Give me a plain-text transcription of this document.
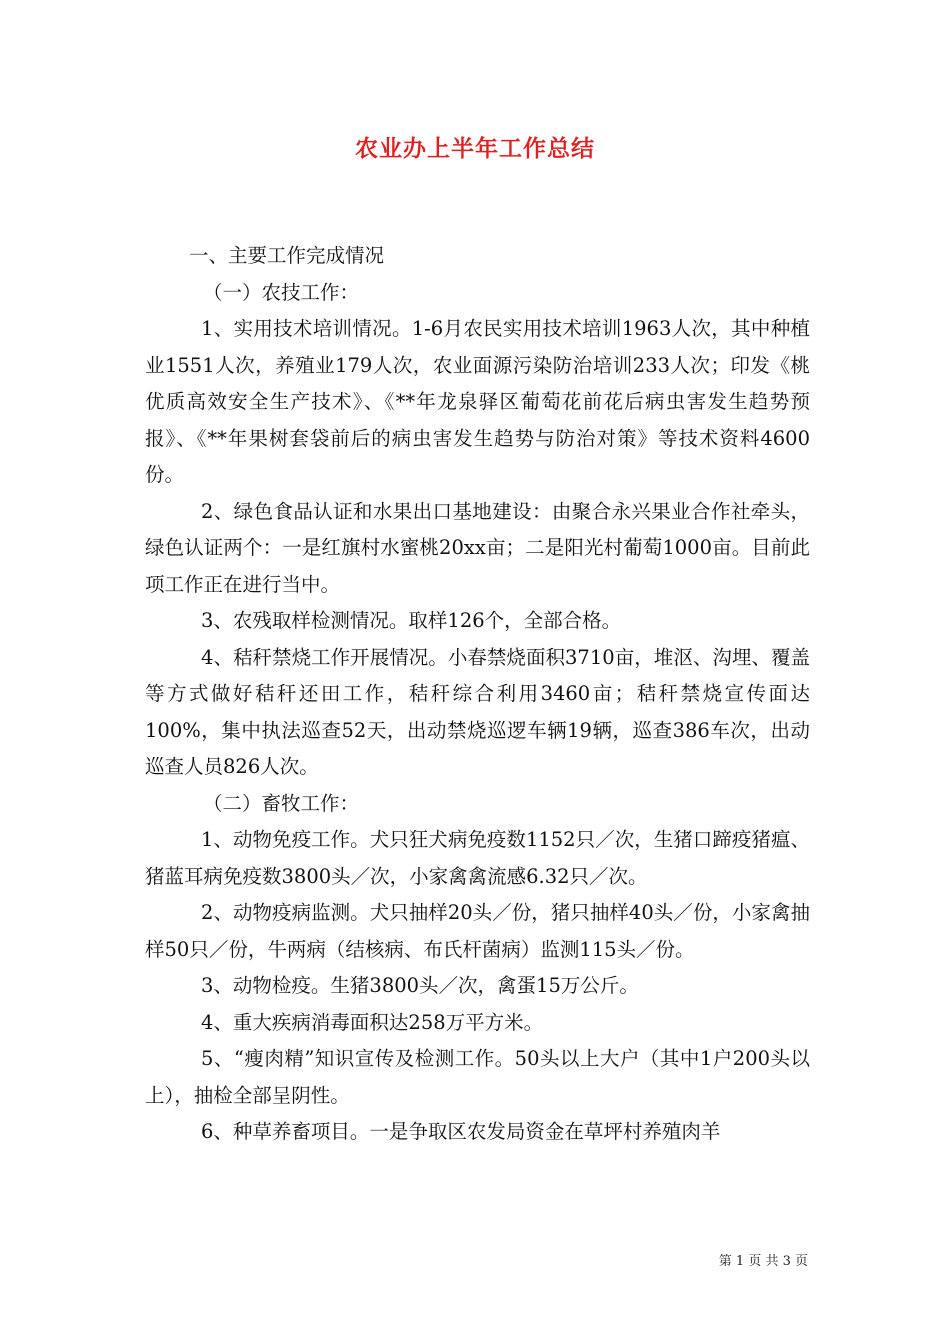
农业办上半年工作总结

一、主要工作完成情况

（一）农技工作：

1、实用技术培训情况。1-6月农民实用技术培训1963人次，其中种植业1551人次，养殖业179人次，农业面源污染防治培训233人次；印发《桃优质高效安全生产技术》、《**年龙泉驿区葡萄花前花后病虫害发生趋势预报》、《**年果树套袋前后的病虫害发生趋势与防治对策》等技术资料4600份。

2、绿色食品认证和水果出口基地建设：由聚合永兴果业合作社牵头，绿色认证两个：一是红旗村水蜜桃20xx亩；二是阳光村葡萄1000亩。目前此项工作正在进行当中。

3、农残取样检测情况。取样126个，全部合格。

4、秸秆禁烧工作开展情况。小春禁烧面积3710亩，堆沤、沟埋、覆盖等方式做好秸秆还田工作，秸秆综合利用3460亩；秸秆禁烧宣传面达100%，集中执法巡查52天，出动禁烧巡逻车辆19辆，巡查386车次，出动巡查人员826人次。

（二）畜牧工作：

1、动物免疫工作。犬只狂犬病免疫数1152只／次，生猪口蹄疫猪瘟、猪蓝耳病免疫数3800头／次，小家禽禽流感6.32只／次。

2、动物疫病监测。犬只抽样20头／份，猪只抽样40头／份，小家禽抽样50只／份，牛两病（结核病、布氏杆菌病）监测115头／份。

3、动物检疫。生猪3800头／次，禽蛋15万公斤。

4、重大疾病消毒面积达258万平方米。

5、“瘦肉精”知识宣传及检测工作。50头以上大户（其中1户200头以上），抽检全部呈阴性。

6、种草养畜项目。一是争取区农发局资金在草坪村养殖肉羊

第 1 页 共 3 页
